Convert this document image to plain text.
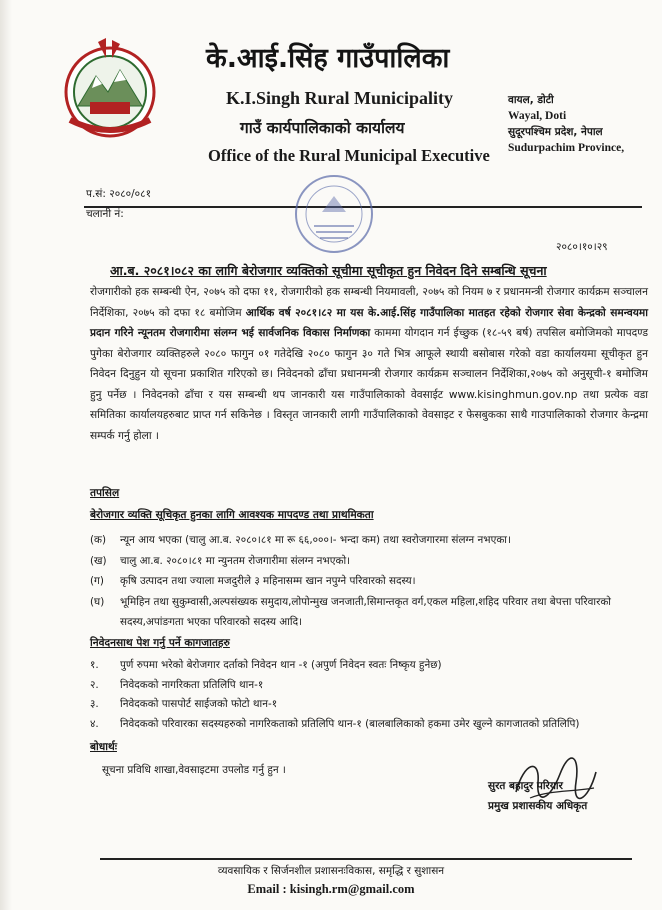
के.आई.सिंह गाउँपालिका
K.I.Singh Rural Municipality
गाउँ कार्यपालिकाको कार्यालय
Office of the Rural Municipal Executive
वायल, डोटी
Wayal, Doti
सुदूरपश्चिम प्रदेश, नेपाल
Sudurpachim Province,
प.सं: २०८०/०८१
चलानी नं:
२०८०।१०।२९
आ.ब. २०८१।०८२ का लागि बेरोजगार व्यक्तिको सूचीमा सूचीकृत हुन निवेदन दिने सम्बन्धि सूचना
रोजगारीको हक सम्बन्धी ऐन, २०७५ को दफा ११, रोजगारीको हक सम्बन्धी नियमावली, २०७५ को नियम ७ र प्रधानमन्त्री रोजगार कार्यक्रम सञ्चालन निर्देशिका, २०७५ को दफा १८ बमोजिम आर्थिक वर्ष २०८१।८२ मा यस के.आई.सिंह गाउँपालिका मातहत रहेको रोजगार सेवा केन्द्रको समन्वयमा प्रदान गरिने न्यूनतम रोजगारीमा संलग्न भई सार्वजनिक विकास निर्माणका काममा योगदान गर्न ईच्छुक (१८-५९ बर्ष) तपसिल बमोजिमको मापदण्ड पुगेका बेरोजगार व्यक्तिहरुले २०८० फागुन ०१ गतेदेखि २०८० फागुन ३० गते भित्र आफूले स्थायी बसोबास गरेको वडा कार्यालयमा सूचीकृत हुन निवेदन दिनुहुन यो सूचना प्रकाशित गरिएको छ। निवेदनको ढाँचा प्रधानमन्त्री रोजगार कार्यक्रम सञ्चालन निर्देशिका,२०७५ को अनुसूची-१ बमोजिम हुनु पर्नेछ । निवेदनको ढाँचा र यस सम्बन्धी थप जानकारी यस गाउँपालिकाको वेवसाईट www.kisinghmun.gov.np तथा प्रत्येक वडा समितिका कार्यालयहरुबाट प्राप्त गर्न सकिनेछ । विस्तृत जानकारी लागी गाउँपालिकाको वेवसाइट र फेसबुकका साथै गाउपालिकाको रोजगार केन्द्रमा सम्पर्क गर्नु होला ।
तपसिल
बेरोजगार व्यक्ति सूचिकृत हुनका लागि आवश्यक मापदण्ड तथा प्राथमिकता
(क)	न्यून आय भएका (चालु आ.ब. २०८०।८१ मा रू ६६,०००।- भन्दा कम) तथा स्वरोजगारमा संलग्न नभएका।
(ख)	चालु आ.ब. २०८०।८१ मा न्युनतम रोजगारीमा संलग्न नभएको।
(ग)	कृषि उत्पादन तथा ज्याला मजदुरीले ३ महिनासम्म खान नपुग्ने परिवारको सदस्य।
(घ)	भूमिहिन तथा सुकुम्वासी,अल्पसंख्यक समुदाय,लोपोन्मुख जनजाती,सिमान्तकृत वर्ग,एकल महिला,शहिद परिवार तथा बेपत्ता परिवारको सदस्य,अपांङगता भएका परिवारको सदस्य आदि।
निवेदनसाथ पेश गर्नु पर्ने कागजातहरु
१.	पुर्ण रुपमा भरेको बेरोजगार दर्ताको निवेदन थान -१ (अपुर्ण निवेदन स्वतः निष्कृय हुनेछ)
२.	निवेदकको नागरिकता प्रतिलिपि थान-१
३.	निवेदकको पासपोर्ट साईजको फोटो थान-१
४.	निवेदकको परिवारका सदस्यहरुको नागरिकताको प्रतिलिपि थान-१ (बालबालिकाको हकमा उमेर खुल्ने कागजातको प्रतिलिपि)
बोधार्थः
सूचना प्रविधि शाखा,वेवसाइटमा उपलोड गर्नु हुन ।
सुरत बहादुर परियार
प्रमुख प्रशासकीय अधिकृत
व्यवसायिक र सिर्जनशील प्रशासनःविकास, समृद्धि र सुशासन
Email : kisingh.rm@gmail.com
